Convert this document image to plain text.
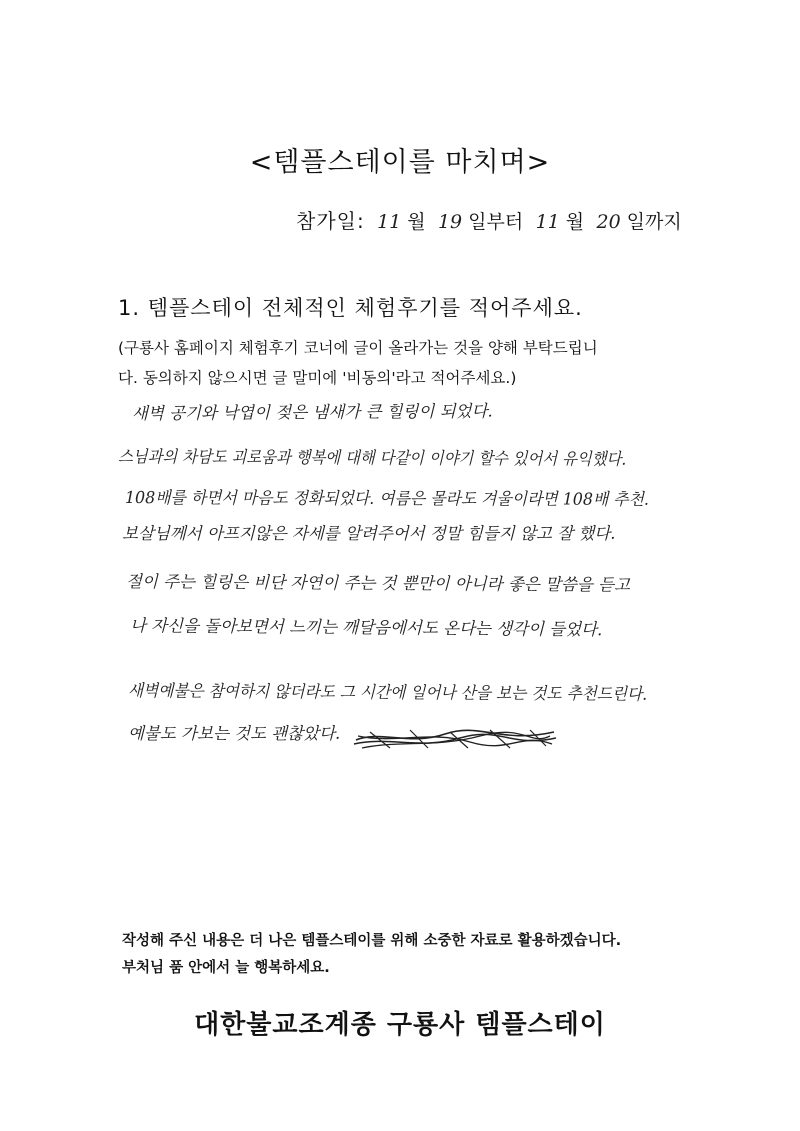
<템플스테이를 마치며>
참가일: 11 월 19 일부터 11 월 20 일까지
1. 템플스테이 전체적인 체험후기를 적어주세요.
(구룡사 홈페이지 체험후기 코너에 글이 올라가는 것을 양해 부탁드립니
다. 동의하지 않으시면 글 말미에 '비동의'라고 적어주세요.)
새벽 공기와 낙엽이 젖은 냄새가 큰 힐링이 되었다.
스님과의 차담도 괴로움과 행복에 대해 다같이 이야기 할수 있어서 유익했다.
108배를 하면서 마음도 정화되었다. 여름은 몰라도 겨울이라면 108배 추천.
보살님께서 아프지않은 자세를 알려주어서 정말 힘들지 않고 잘 했다.
절이 주는 힐링은 비단 자연이 주는 것 뿐만이 아니라 좋은 말씀을 듣고
나 자신을 돌아보면서 느끼는 깨달음에서도 온다는 생각이 들었다.
새벽예불은 참여하지 않더라도 그 시간에 일어나 산을 보는 것도 추천드린다.
예불도 가보는 것도 괜찮았다.
작성해 주신 내용은 더 나은 템플스테이를 위해 소중한 자료로 활용하겠습니다.
부처님 품 안에서 늘 행복하세요.
대한불교조계종 구룡사 템플스테이
